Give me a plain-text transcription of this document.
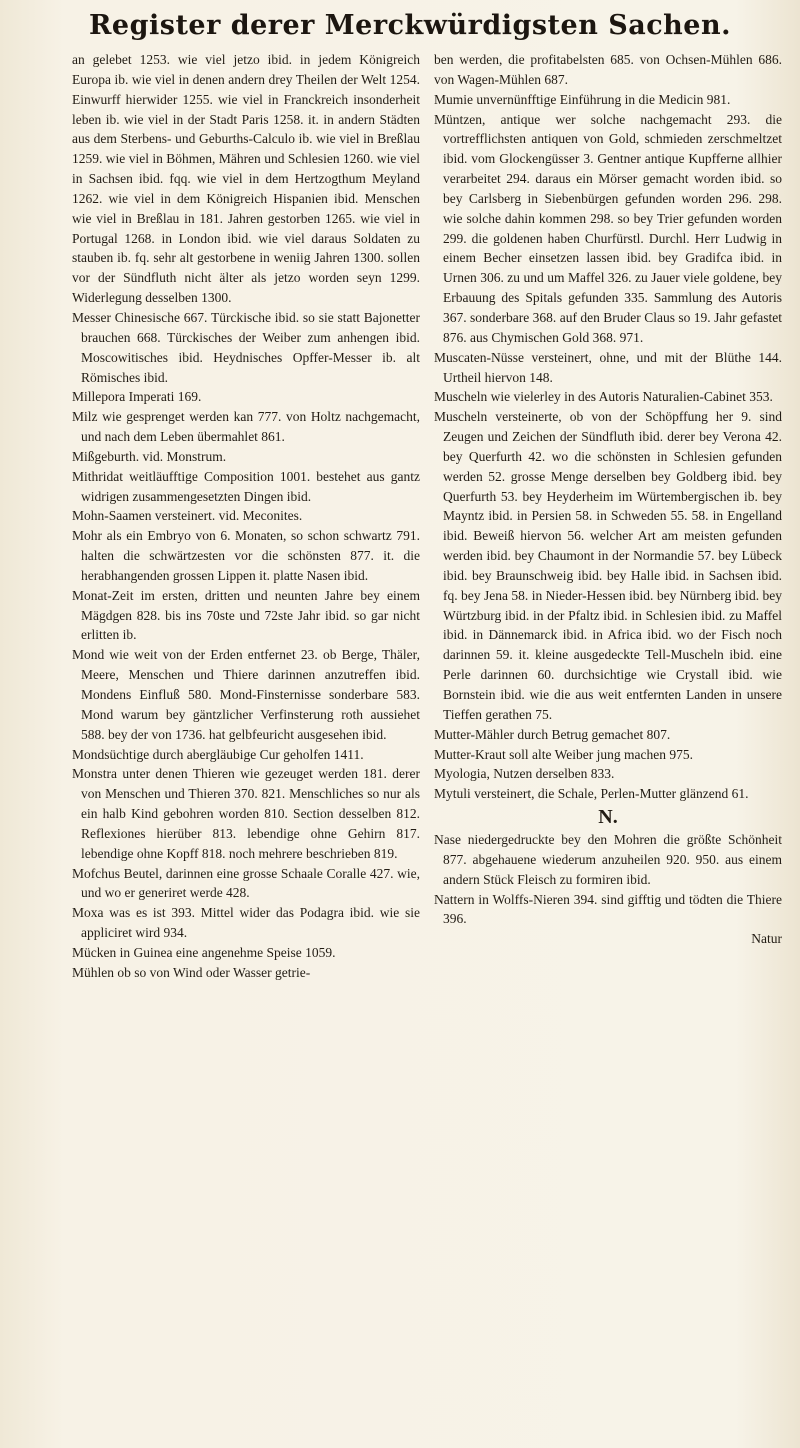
Register derer Merckwürdigsten Sachen.
an gelebet 1253. wie viel jetzo ibid. in jedem Königreich Europa ib. wie viel in denen andern drey Theilen der Welt 1254. Einwurff hierwider 1255. wie viel in Franckreich insonderheit leben ib. wie viel in der Stadt Paris 1258. it. in andern Städten aus dem Sterbens- und Geburths-Calculo ib. wie viel in Breßlau 1259. wie viel in Böhmen, Mähren und Schlesien 1260. wie viel in Sachsen ibid. fqq. wie viel in dem Hertzogthum Meyland 1262. wie viel in dem Königreich Hispanien ibid. Menschen wie viel in Breßlau in 181. Jahren gestorben 1265. wie viel in Portugal 1268. in London ibid. wie viel daraus Soldaten zu stauben ib. fq. sehr alt gestorbene in weniig Jahren 1300. sollen vor der Sündfluth nicht älter als jetzo worden seyn 1299. Widerlegung desselben 1300.
Messer Chinesische 667. Türckische ibid. so sie statt Bajonetter brauchen 668. Türckisches der Weiber zum anhengen ibid. Moscowitisches ibid. Heydnisches Opffer-Messer ib. alt Römisches ibid.
Millepora Imperati 169.
Milz wie gesprenget werden kan 777. von Holtz nachgemacht, und nach dem Leben übermahlet 861.
Mißgeburth. vid. Monstrum.
Mithridat weitläufftige Composition 1001. bestehet aus gantz widrigen zusammengesetzten Dingen ibid.
Mohn-Saamen versteinert. vid. Meconites.
Mohr als ein Embryo von 6. Monaten, so schon schwartz 791. halten die schwärtzesten vor die schönsten 877. it. die herabhangenden grossen Lippen it. platte Nasen ibid.
Monat-Zeit im ersten, dritten und neunten Jahre bey einem Mägdgen 828. bis ins 70ste und 72ste Jahr ibid. so gar nicht erlitten ib.
Mond wie weit von der Erden entfernet 23. ob Berge, Thäler, Meere, Menschen und Thiere darinnen anzutreffen ibid. Mondens Einfluß 580. Mond-Finsternisse sonderbare 583. Mond warum bey gäntzlicher Verfinsterung roth aussiehet 588. bey der von 1736. hat gelbfeuricht ausgesehen ibid.
Mondsüchtige durch abergläubige Cur geholfen 1411.
Monstra unter denen Thieren wie gezeuget werden 181. derer von Menschen und Thieren 370. 821. Menschliches so nur als ein halb Kind gebohren worden 810. Section desselben 812. Reflexiones hierüber 813. lebendige ohne Gehirn 817. lebendige ohne Kopff 818. noch mehrere beschrieben 819.
Mofchus Beutel, darinnen eine grosse Schaale Coralle 427. wie, und wo er generiret werde 428.
Moxa was es ist 393. Mittel wider das Podagra ibid. wie sie appliciret wird 934.
Mücken in Guinea eine angenehme Speise 1059.
Mühlen ob so von Wind oder Wasser getrie-
ben werden, die profitabelsten 685. von Ochsen-Mühlen 686. von Wagen-Mühlen 687.
Mumie unvernünfftige Einführung in die Medicin 981.
Müntzen, antique wer solche nachgemacht 293. die vortrefflichsten antiquen von Gold, schmieden zerschmeltzet ibid. vom Glockengüsser 3. Gentner antique Kupfferne allhier verarbeitet 294. daraus ein Mörser gemacht worden ibid. so bey Carlsberg in Siebenbürgen gefunden worden 296. 298. wie solche dahin kommen 298. so bey Trier gefunden worden 299. die goldenen haben Churfürstl. Durchl. Herr Ludwig in einem Becher einsetzen lassen ibid. bey Gradifca ibid. in Urnen 306. zu und um Maffel 326. zu Jauer viele goldene, bey Erbauung des Spitals gefunden 335. Sammlung des Autoris 367. sonderbare 368. auf den Bruder Claus so 19. Jahr gefastet 876. aus Chymischen Gold 368. 971.
Muscaten-Nüsse versteinert, ohne, und mit der Blüthe 144. Urtheil hiervon 148.
Muscheln wie vielerley in des Autoris Naturalien-Cabinet 353.
Muscheln versteinerte, ob von der Schöpffung her 9. sind Zeugen und Zeichen der Sündfluth ibid. derer bey Verona 42. bey Querfurth 42. wo die schönsten in Schlesien gefunden werden 52. grosse Menge derselben bey Goldberg ibid. bey Querfurth 53. bey Heyderheim im Würtembergischen ib. bey Mayntz ibid. in Persien 58. in Schweden 55. 58. in Engelland ibid. Beweiß hiervon 56. welcher Art am meisten gefunden werden ibid. bey Chaumont in der Normandie 57. bey Lübeck ibid. bey Braunschweig ibid. bey Halle ibid. in Sachsen ibid. fq. bey Jena 58. in Nieder-Hessen ibid. bey Nürnberg ibid. bey Würtzburg ibid. in der Pfaltz ibid. in Schlesien ibid. zu Maffel ibid. in Dännemarck ibid. in Africa ibid. wo der Fisch noch darinnen 59. it. kleine ausgedeckte Tell-Muscheln ibid. eine Perle darinnen 60. durchsichtige wie Crystall ibid. wie Bornstein ibid. wie die aus weit entfernten Landen in unsere Tieffen gerathen 75.
Mutter-Mähler durch Betrug gemachet 807.
Mutter-Kraut soll alte Weiber jung machen 975.
Myologia, Nutzen derselben 833.
Mytuli versteinert, die Schale, Perlen-Mutter glänzend 61.
N.
Nase niedergedruckte bey den Mohren die größte Schönheit 877. abgehauene wiederum anzuheilen 920. 950. aus einem andern Stück Fleisch zu formiren ibid.
Nattern in Wolffs-Nieren 394. sind gifftig und tödten die Thiere 396.
Natur
